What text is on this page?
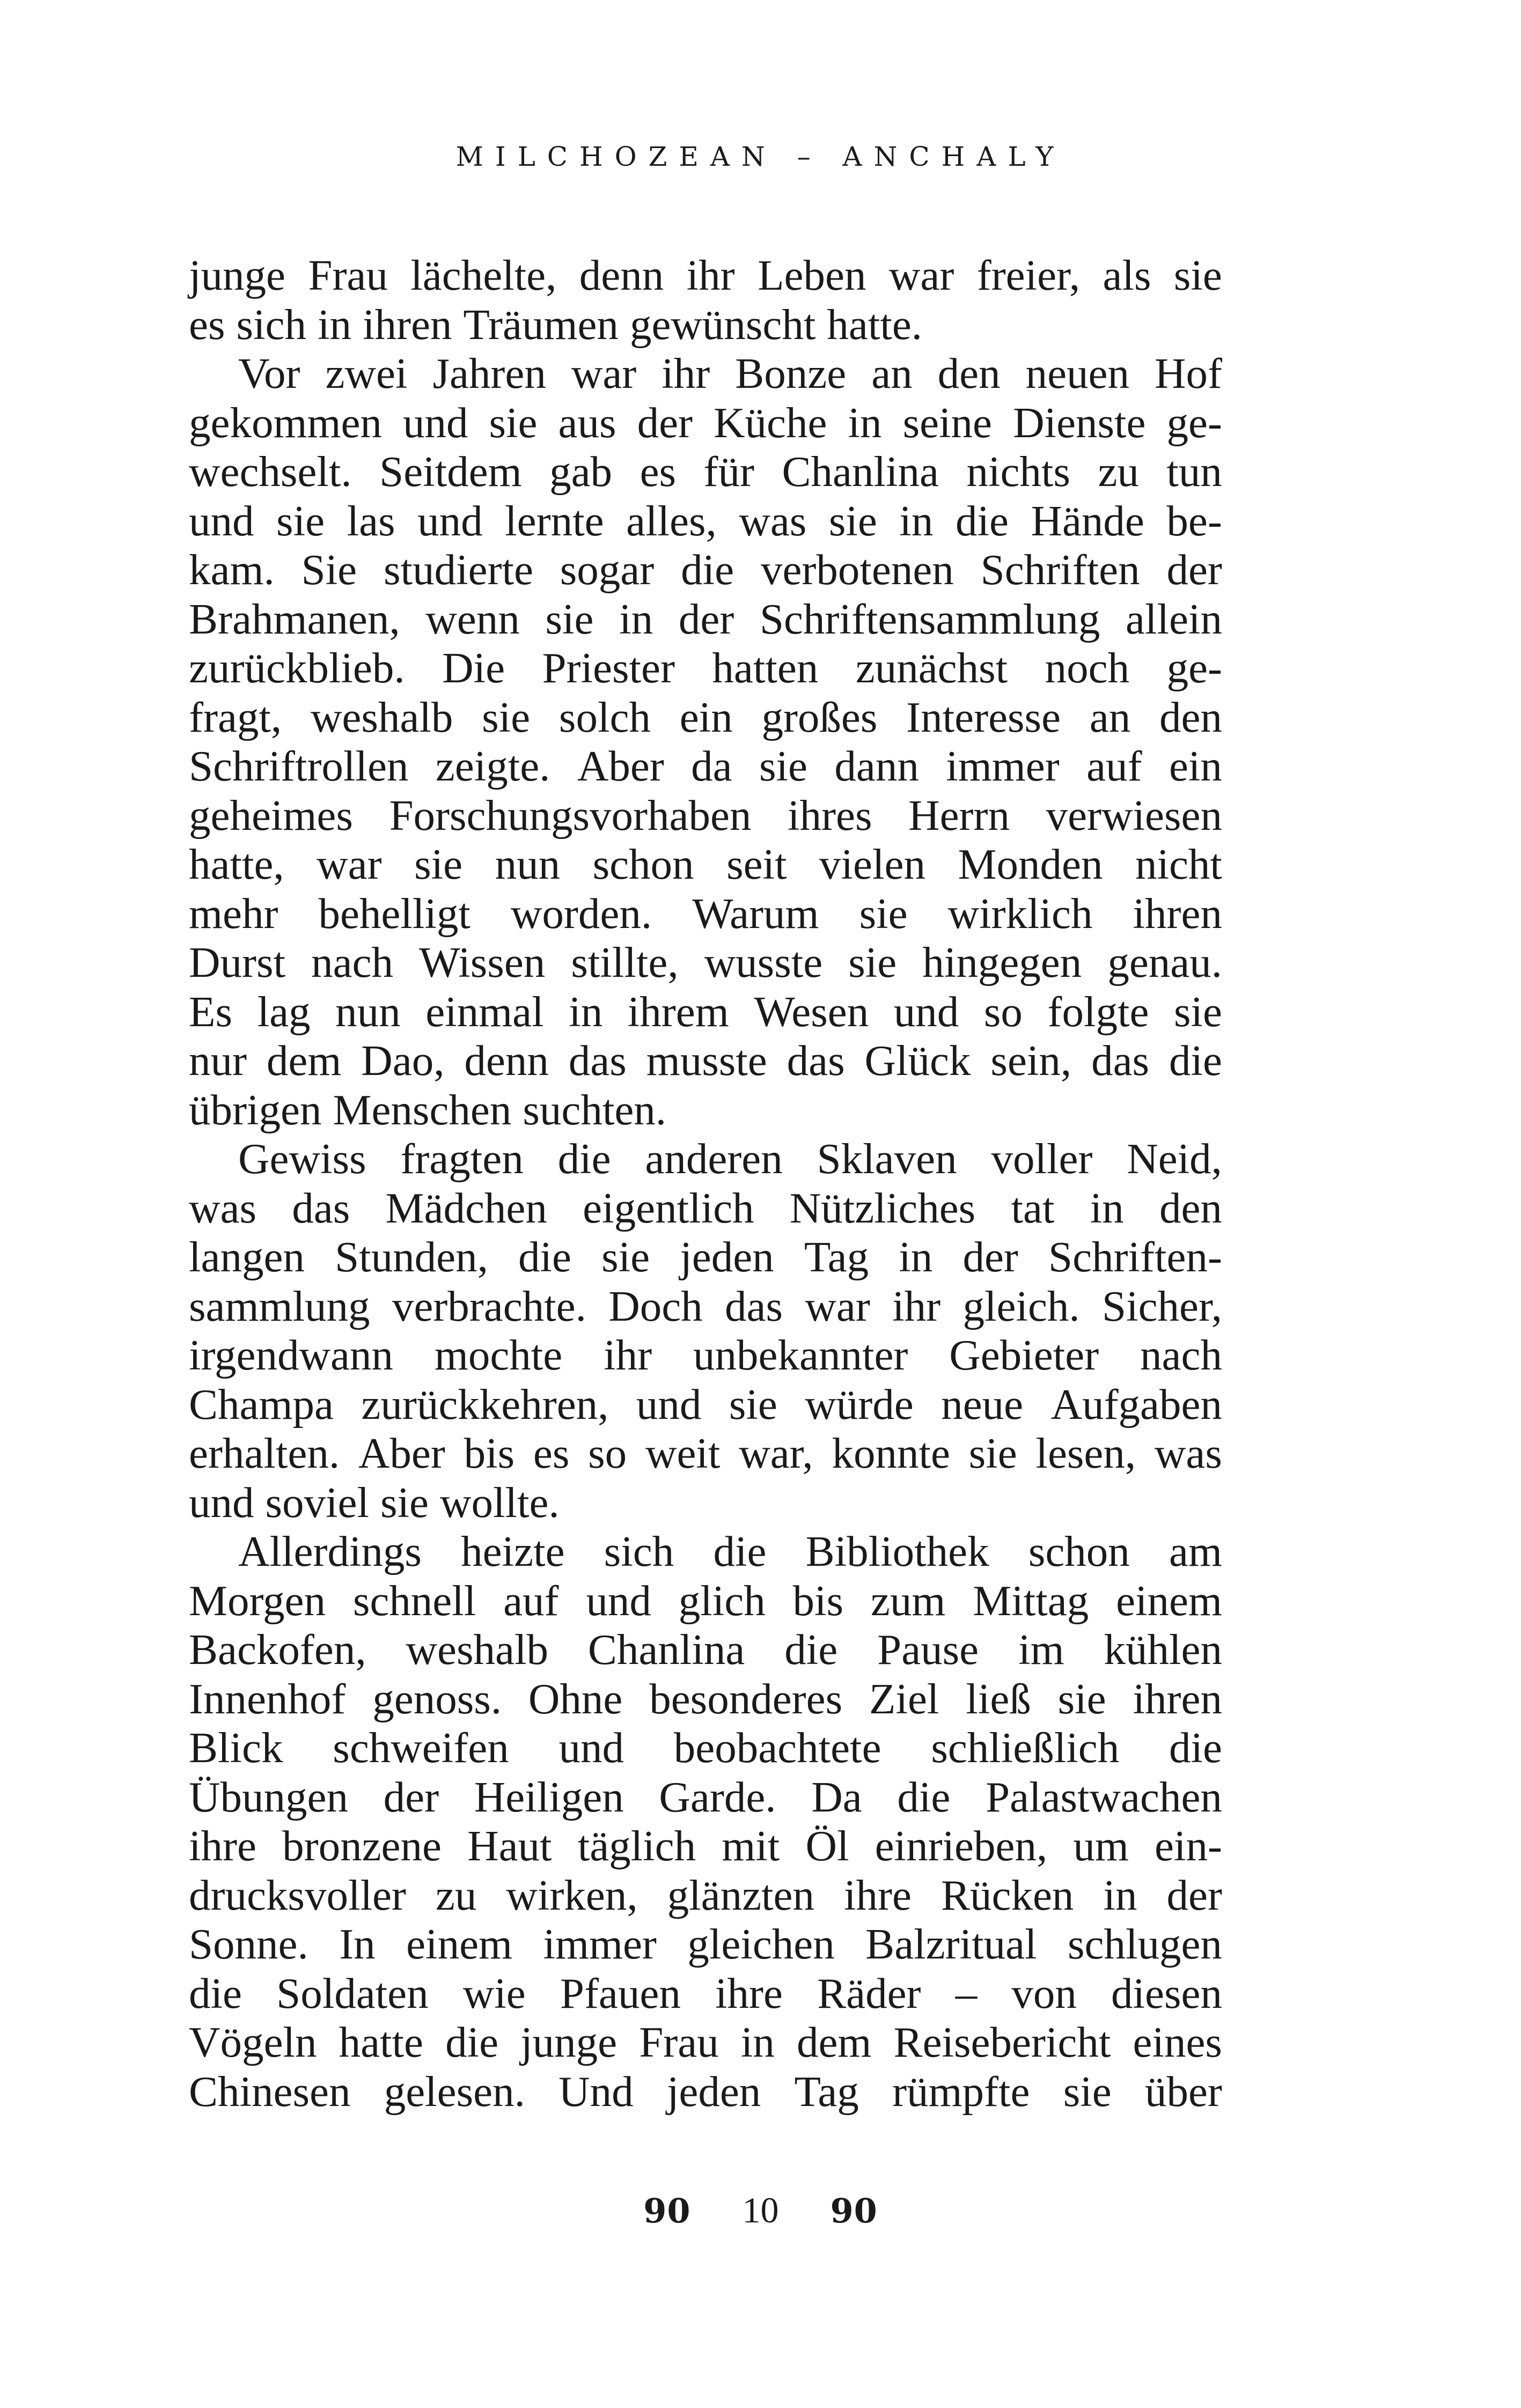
MILCHOZEAN – ANCHALY
junge Frau lächelte, denn ihr Leben war freier, als sie
es sich in ihren Träumen gewünscht hatte.
Vor zwei Jahren war ihr Bonze an den neuen Hof
gekommen und sie aus der Küche in seine Dienste ge-
wechselt. Seitdem gab es für Chanlina nichts zu tun
und sie las und lernte alles, was sie in die Hände be-
kam. Sie studierte sogar die verbotenen Schriften der
Brahmanen, wenn sie in der Schriftensammlung allein
zurückblieb. Die Priester hatten zunächst noch ge-
fragt, weshalb sie solch ein großes Interesse an den
Schriftrollen zeigte. Aber da sie dann immer auf ein
geheimes Forschungsvorhaben ihres Herrn verwiesen
hatte, war sie nun schon seit vielen Monden nicht
mehr behelligt worden. Warum sie wirklich ihren
Durst nach Wissen stillte, wusste sie hingegen genau.
Es lag nun einmal in ihrem Wesen und so folgte sie
nur dem Dao, denn das musste das Glück sein, das die
übrigen Menschen suchten.
Gewiss fragten die anderen Sklaven voller Neid,
was das Mädchen eigentlich Nützliches tat in den
langen Stunden, die sie jeden Tag in der Schriften-
sammlung verbrachte. Doch das war ihr gleich. Sicher,
irgendwann mochte ihr unbekannter Gebieter nach
Champa zurückkehren, und sie würde neue Aufgaben
erhalten. Aber bis es so weit war, konnte sie lesen, was
und soviel sie wollte.
Allerdings heizte sich die Bibliothek schon am
Morgen schnell auf und glich bis zum Mittag einem
Backofen, weshalb Chanlina die Pause im kühlen
Innenhof genoss. Ohne besonderes Ziel ließ sie ihren
Blick schweifen und beobachtete schließlich die
Übungen der Heiligen Garde. Da die Palastwachen
ihre bronzene Haut täglich mit Öl einrieben, um ein-
drucksvoller zu wirken, glänzten ihre Rücken in der
Sonne. In einem immer gleichen Balzritual schlugen
die Soldaten wie Pfauen ihre Räder – von diesen
Vögeln hatte die junge Frau in dem Reisebericht eines
Chinesen gelesen. Und jeden Tag rümpfte sie über
90 10 90
